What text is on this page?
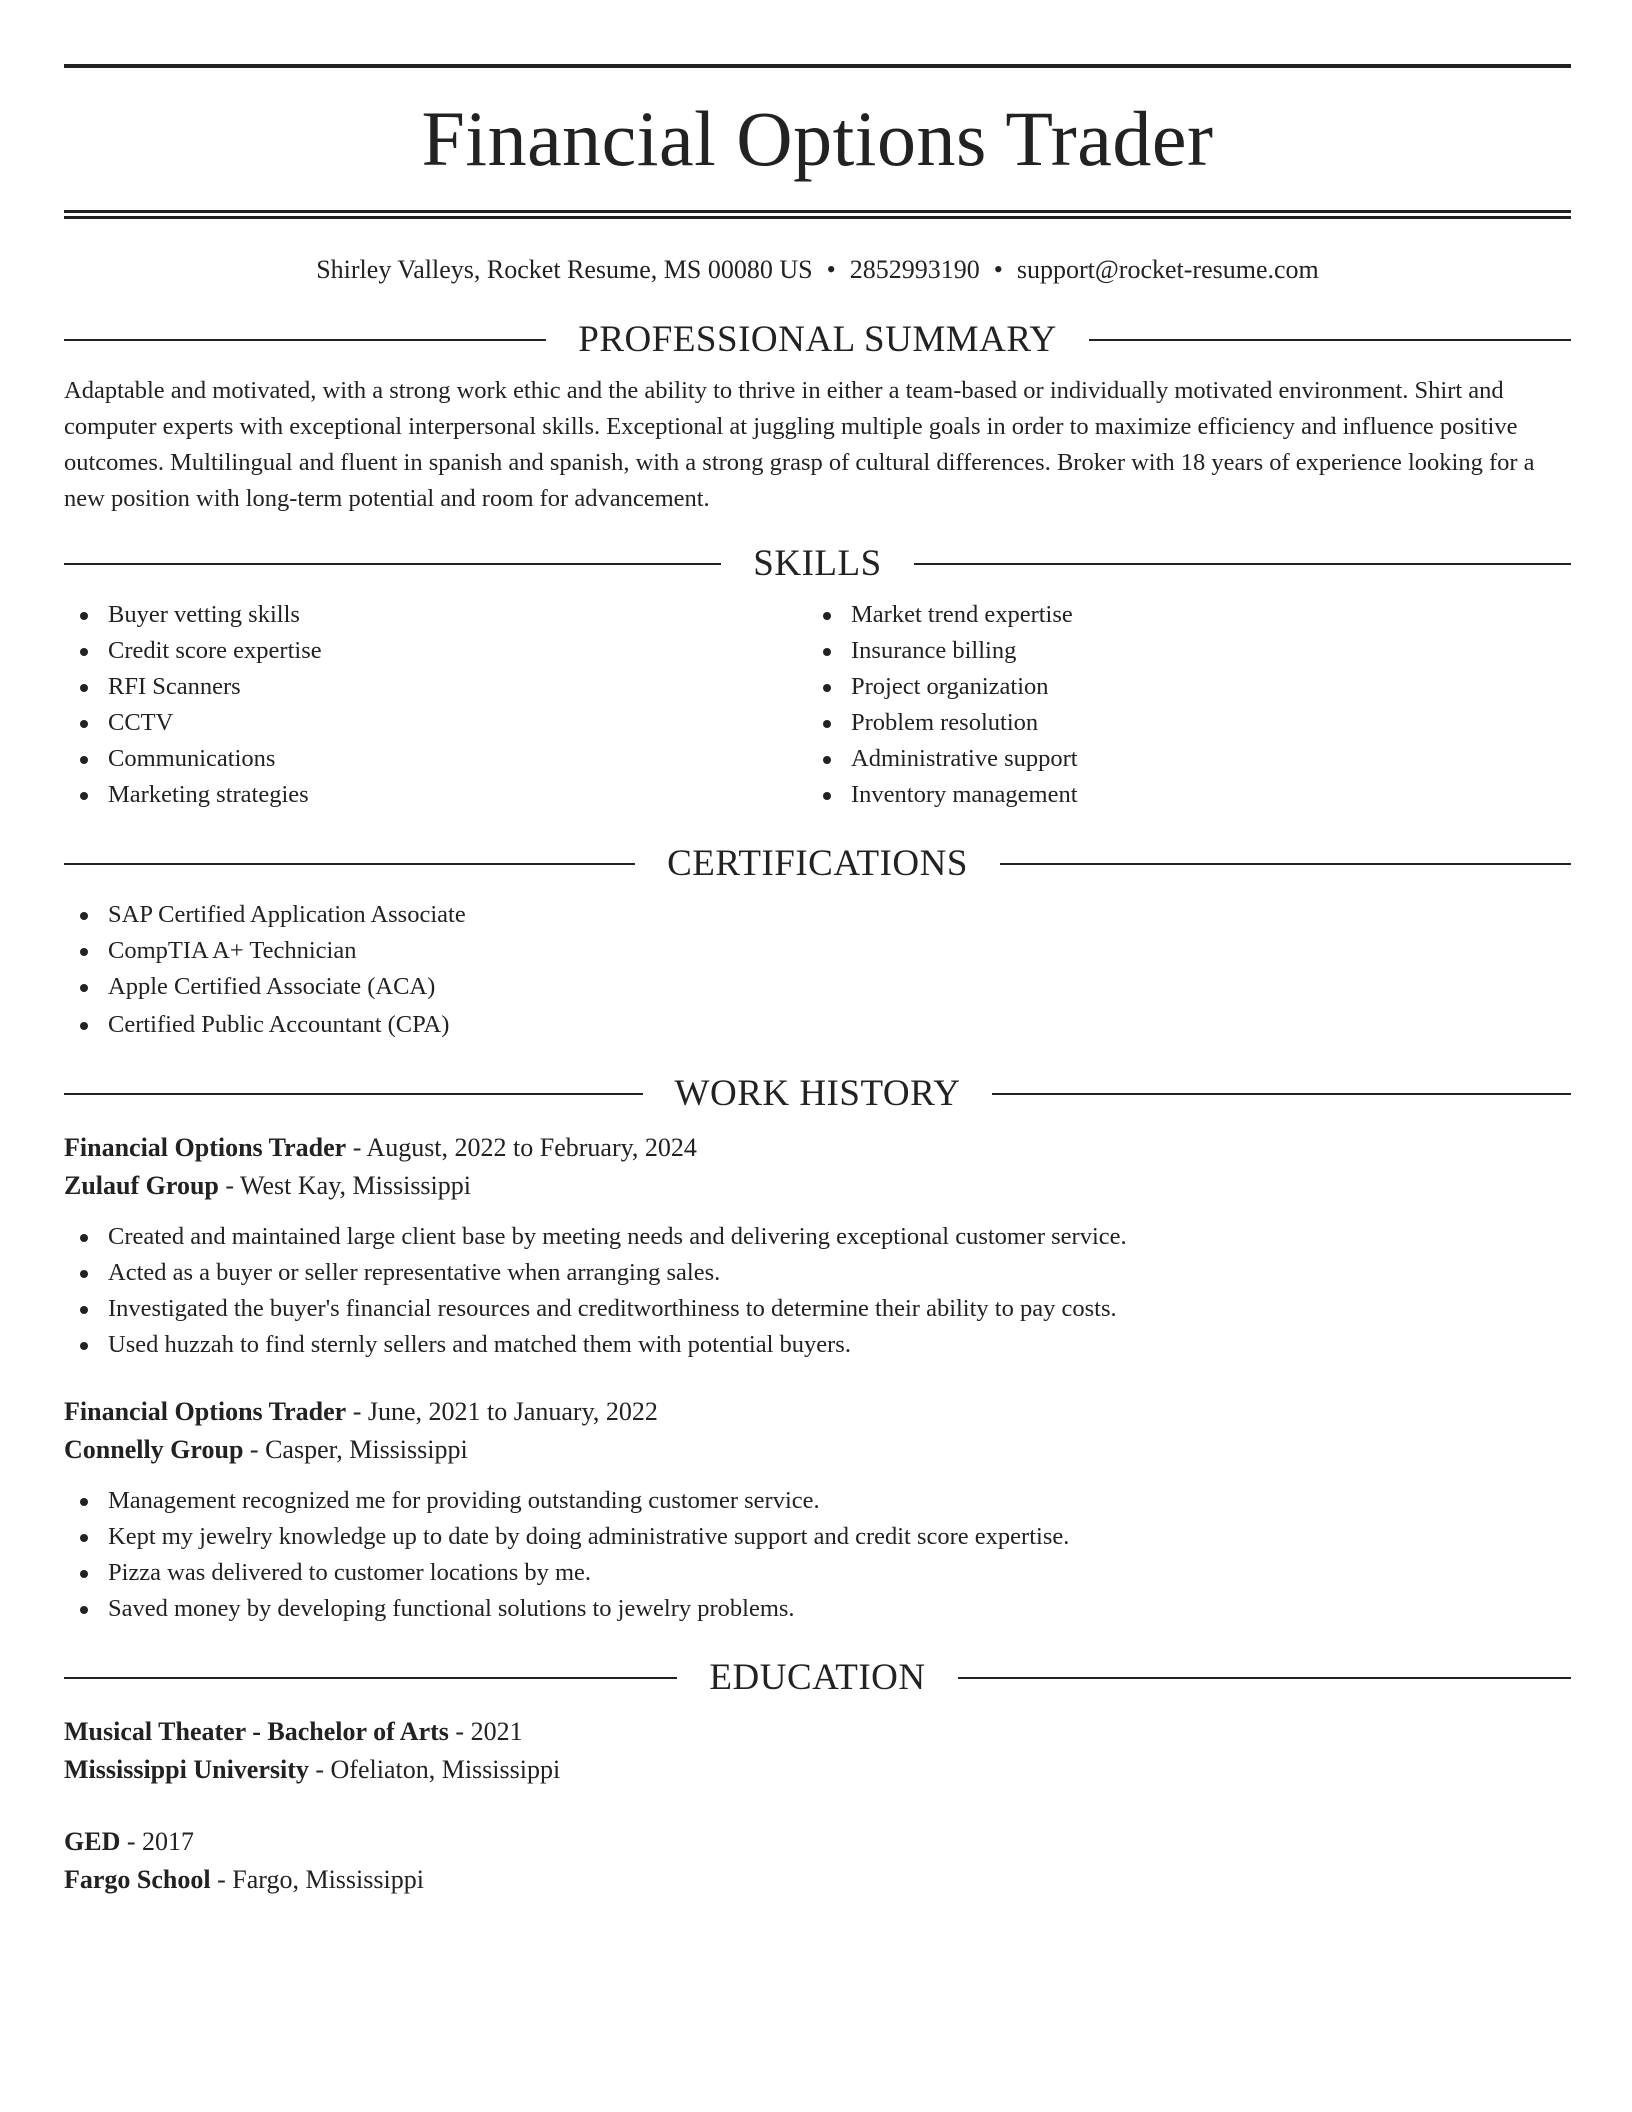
Financial Options Trader
Shirley Valleys, Rocket Resume, MS 00080 US • 2852993190 • support@rocket-resume.com
PROFESSIONAL SUMMARY

Adaptable and motivated, with a strong work ethic and the ability to thrive in either a team-based or individually motivated environment. Shirt and computer experts with exceptional interpersonal skills. Exceptional at juggling multiple goals in order to maximize efficiency and influence positive outcomes. Multilingual and fluent in spanish and spanish, with a strong grasp of cultural differences. Broker with 18 years of experience looking for a new position with long-term potential and room for advancement.

SKILLS
Buyer vetting skills
Credit score expertise
RFI Scanners
CCTV
Communications
Marketing strategies
Market trend expertise
Insurance billing
Project organization
Problem resolution
Administrative support
Inventory management
CERTIFICATIONS
SAP Certified Application Associate
CompTIA A+ Technician
Apple Certified Associate (ACA)
Certified Public Accountant (CPA)
WORK HISTORY
Financial Options Trader - August, 2022 to February, 2024
Zulauf Group - West Kay, Mississippi
Created and maintained large client base by meeting needs and delivering exceptional customer service.
Acted as a buyer or seller representative when arranging sales.
Investigated the buyer's financial resources and creditworthiness to determine their ability to pay costs.
Used huzzah to find sternly sellers and matched them with potential buyers.
Financial Options Trader - June, 2021 to January, 2022
Connelly Group - Casper, Mississippi
Management recognized me for providing outstanding customer service.
Kept my jewelry knowledge up to date by doing administrative support and credit score expertise.
Pizza was delivered to customer locations by me.
Saved money by developing functional solutions to jewelry problems.
EDUCATION
Musical Theater - Bachelor of Arts - 2021
Mississippi University - Ofeliaton, Mississippi
GED - 2017
Fargo School - Fargo, Mississippi
